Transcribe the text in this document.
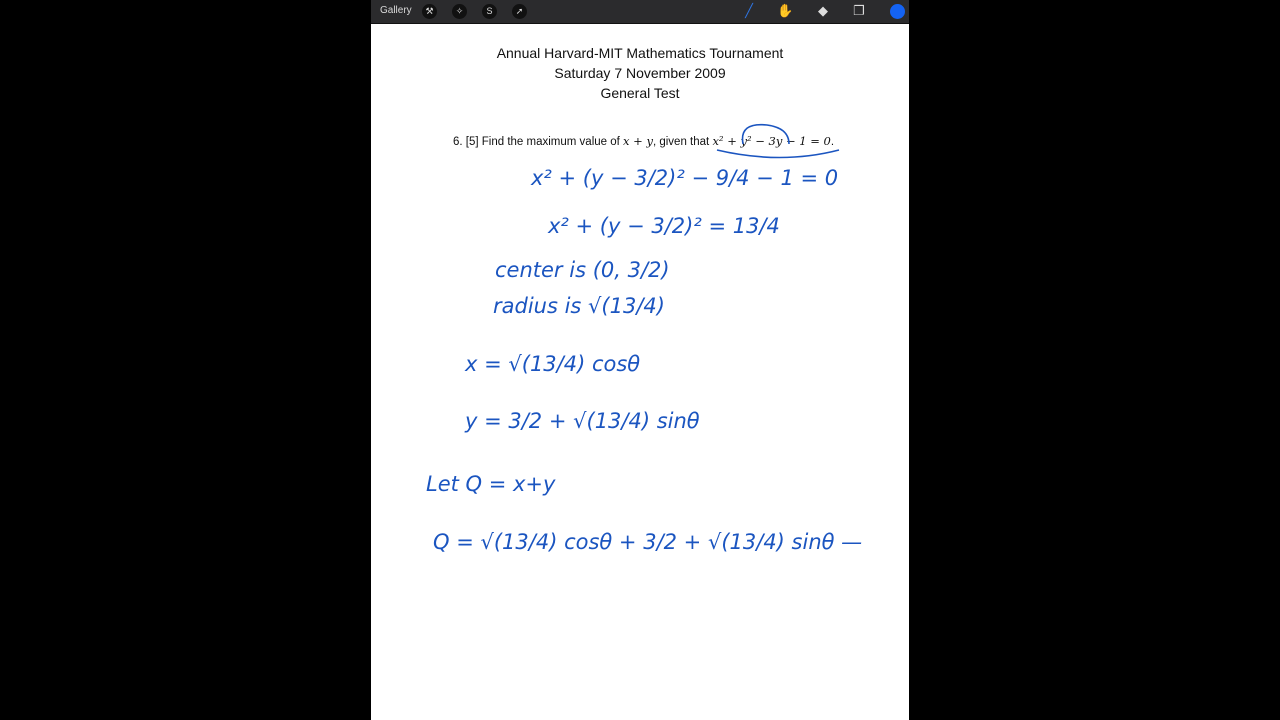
Gallery	⚒	✧	S	➚	╱	✋ ◆ ❐
Annual Harvard-MIT Mathematics Tournament
Saturday 7 November 2009
General Test
6. [5] Find the maximum value of x + y, given that x² + y² − 3y − 1 = 0.
x² + (y − 3/2)² − 9/4 − 1 = 0
x² + (y − 3/2)² = 13/4
center is (0, 3/2)
radius is √(13/4)
x = √(13/4) cosθ
y = 3/2 + √(13/4) sinθ
Let Q = x+y
Q = √(13/4) cosθ + 3/2 + √(13/4) sinθ —
